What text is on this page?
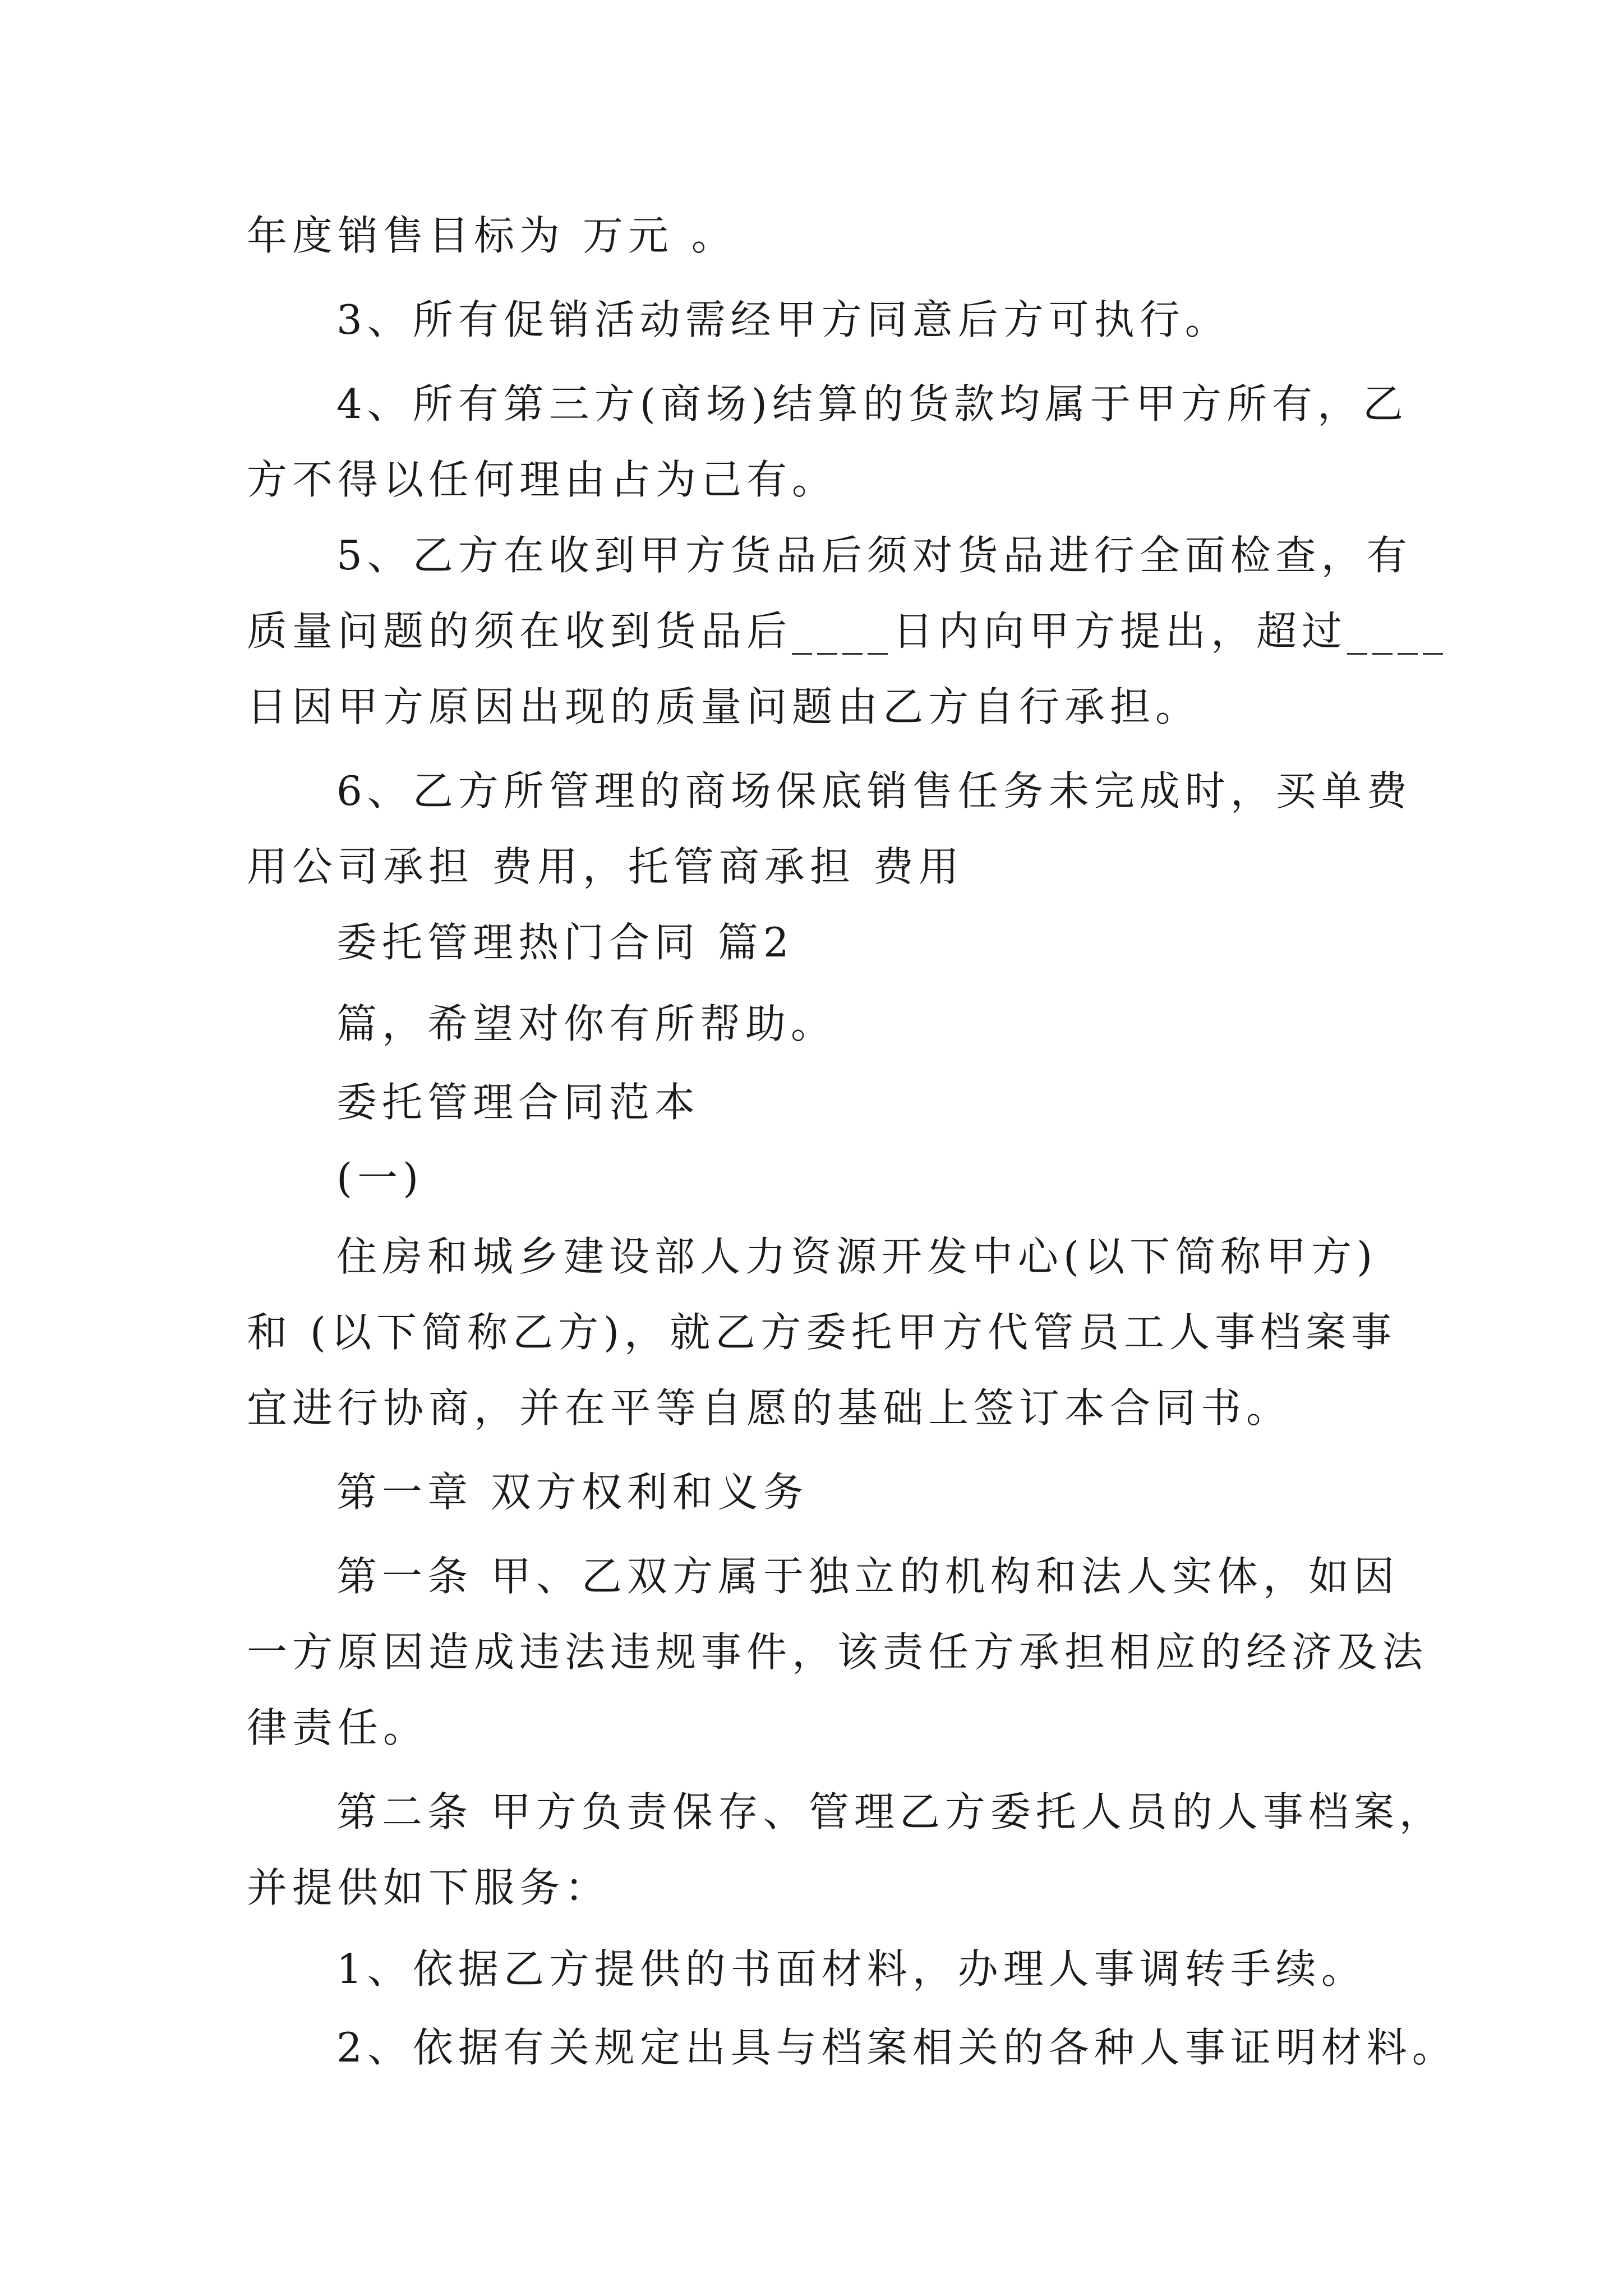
年度销售目标为 万元 。

3、所有促销活动需经甲方同意后方可执行。

4、所有第三方(商场)结算的货款均属于甲方所有，乙

方不得以任何理由占为己有。

5、乙方在收到甲方货品后须对货品进行全面检查，有

质量问题的须在收到货品后____日内向甲方提出，超过____

日因甲方原因出现的质量问题由乙方自行承担。

6、乙方所管理的商场保底销售任务未完成时，买单费

用公司承担 费用，托管商承担 费用

委托管理热门合同 篇2

篇，希望对你有所帮助。

委托管理合同范本

(一)

住房和城乡建设部人力资源开发中心(以下简称甲方)

和 (以下简称乙方)，就乙方委托甲方代管员工人事档案事

宜进行协商，并在平等自愿的基础上签订本合同书。

第一章 双方权利和义务

第一条 甲、乙双方属于独立的机构和法人实体，如因

一方原因造成违法违规事件，该责任方承担相应的经济及法

律责任。

第二条 甲方负责保存、管理乙方委托人员的人事档案，

并提供如下服务：

1、依据乙方提供的书面材料，办理人事调转手续。

2、依据有关规定出具与档案相关的各种人事证明材料。
